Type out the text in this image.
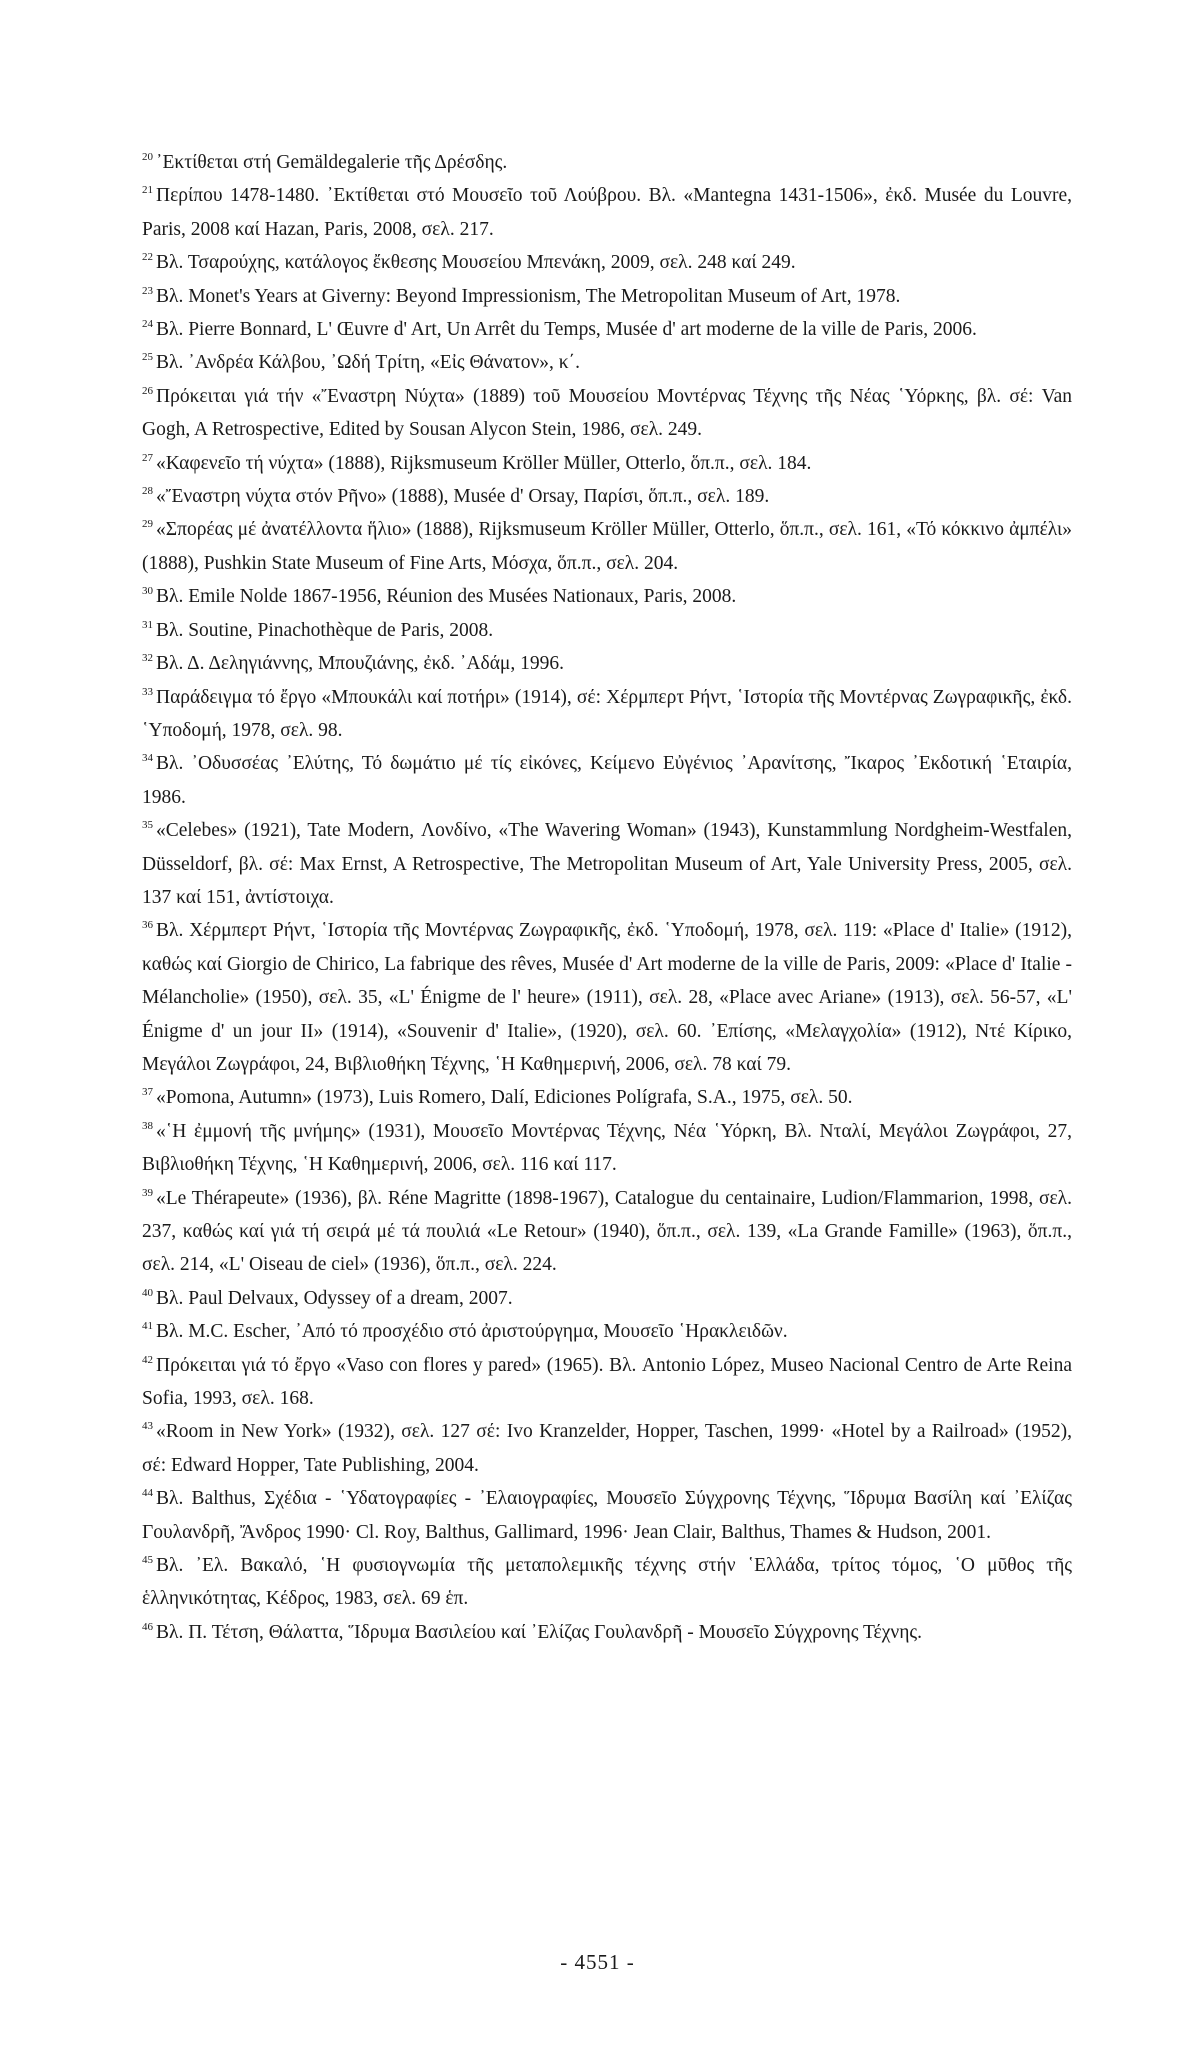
$^{20}$ ᾿Εκτίθεται στή Gemäldegalerie τῆς Δρέσδης.

$^{21}$ Περίπου 1478-1480. ᾿Εκτίθεται στό Μουσεῖο τοῦ Λούβρου. Βλ. «Mantegna 1431-1506», ἐκδ. Musée du Louvre, Paris, 2008 καί Hazan, Paris, 2008, σελ. 217.

$^{22}$ Βλ. Τσαρούχης, κατάλογος ἔκθεσης Μουσείου Μπενάκη, 2009, σελ. 248 καί 249.

$^{23}$ Βλ. Monet's Years at Giverny: Beyond Impressionism, The Metropolitan Museum of Art, 1978.

$^{24}$ Βλ. Pierre Bonnard, L' Œuvre d' Art, Un Arrêt du Temps, Musée d' art moderne de la ville de Paris, 2006.

$^{25}$ Βλ. ᾿Ανδρέα Κάλβου, ᾿Ωδή Τρίτη, «Εἰς Θάνατον», κ΄.

$^{26}$ Πρόκειται γιά τήν «Ἔναστρη Νύχτα» (1889) τοῦ Μουσείου Μοντέρνας Τέχνης τῆς Νέας ῾Υόρκης, βλ. σέ: Van Gogh, A Retrospective, Edited by Sousan Alycon Stein, 1986, σελ. 249.

$^{27}$ «Καφενεῖο τή νύχτα» (1888), Rijksmuseum Kröller Müller, Otterlo, ὅπ.π., σελ. 184.

$^{28}$ «Ἔναστρη νύχτα στόν Ρῆνο» (1888), Musée d' Orsay, Παρίσι, ὅπ.π., σελ. 189.

$^{29}$ «Σπορέας μέ ἀνατέλλοντα ἥλιο» (1888), Rijksmuseum Kröller Müller, Otterlo, ὅπ.π., σελ. 161, «Τό κόκκινο ἀμπέλι» (1888), Pushkin State Museum of Fine Arts, Μόσχα, ὅπ.π., σελ. 204.

$^{30}$ Βλ. Emile Nolde 1867-1956, Réunion des Musées Nationaux, Paris, 2008.

$^{31}$ Βλ. Soutine, Pinachothèque de Paris, 2008.

$^{32}$ Βλ. Δ. Δεληγιάννης, Μπουζιάνης, ἐκδ. ᾿Αδάμ, 1996.

$^{33}$ Παράδειγμα τό ἔργο «Μπουκάλι καί ποτήρι» (1914), σέ: Χέρμπερτ Ρήντ, ῾Ιστορία τῆς Μοντέρνας Ζωγραφικῆς, ἐκδ. ῾Υποδομή, 1978, σελ. 98.

$^{34}$ Βλ. ᾿Οδυσσέας ᾿Ελύτης, Τό δωμάτιο μέ τίς εἰκόνες, Κείμενο Εὐγένιος ᾿Αρανίτσης, Ἴκαρος ᾿Εκδοτική ῾Εταιρία, 1986.

$^{35}$ «Celebes» (1921), Tate Modern, Λονδίνο, «The Wavering Woman» (1943), Kunstammlung Nordgheim-Westfalen, Düsseldorf, βλ. σέ: Max Ernst, A Retrospective, The Metropolitan Museum of Art, Yale University Press, 2005, σελ. 137 καί 151, ἀντίστοιχα.

$^{36}$ Βλ. Χέρμπερτ Ρήντ, ῾Ιστορία τῆς Μοντέρνας Ζωγραφικῆς, ἐκδ. ῾Υποδομή, 1978, σελ. 119: «Place d' Italie» (1912), καθώς καί Giorgio de Chirico, La fabrique des rêves, Musée d' Art moderne de la ville de Paris, 2009: «Place d' Italie - Mélancholie» (1950), σελ. 35, «L' Énigme de l' heure» (1911), σελ. 28, «Place avec Ariane» (1913), σελ. 56-57, «L' Énigme d' un jour II» (1914), «Souvenir d' Italie», (1920), σελ. 60. ᾿Επίσης, «Μελαγχολία» (1912), Ντέ Κίρικο, Μεγάλοι Ζωγράφοι, 24, Βιβλιοθήκη Τέχνης, ῾Η Καθημερινή, 2006, σελ. 78 καί 79.

$^{37}$ «Pomona, Autumn» (1973), Luis Romero, Dalí, Ediciones Polígrafa, S.A., 1975, σελ. 50.

$^{38}$ «῾Η ἐμμονή τῆς μνήμης» (1931), Μουσεῖο Μοντέρνας Τέχνης, Νέα ῾Υόρκη, Βλ. Νταλί, Μεγάλοι Ζωγράφοι, 27, Βιβλιοθήκη Τέχνης, ῾Η Καθημερινή, 2006, σελ. 116 καί 117.

$^{39}$ «Le Thérapeute» (1936), βλ. Réne Magritte (1898-1967), Catalogue du centainaire, Ludion/Flammarion, 1998, σελ. 237, καθώς καί γιά τή σειρά μέ τά πουλιά «Le Retour» (1940), ὅπ.π., σελ. 139, «La Grande Famille» (1963), ὅπ.π., σελ. 214, «L' Oiseau de ciel» (1936), ὅπ.π., σελ. 224.

$^{40}$ Βλ. Paul Delvaux, Odyssey of a dream, 2007.

$^{41}$ Βλ. M.C. Escher, ᾿Από τό προσχέδιο στό ἀριστούργημα, Μουσεῖο ῾Ηρακλειδῶν.

$^{42}$ Πρόκειται γιά τό ἔργο «Vaso con flores y pared» (1965). Βλ. Antonio López, Museo Nacional Centro de Arte Reina Sofia, 1993, σελ. 168.

$^{43}$ «Room in New York» (1932), σελ. 127 σέ: Ivo Kranzelder, Hopper, Taschen, 1999· «Hotel by a Railroad» (1952), σέ: Edward Hopper, Tate Publishing, 2004.

$^{44}$ Βλ. Balthus, Σχέδια - ῾Υδατογραφίες - ᾿Ελαιογραφίες, Μουσεῖο Σύγχρονης Τέχνης, Ἵδρυμα Βασίλη καί ᾿Ελίζας Γουλανδρῆ, Ἄνδρος 1990· Cl. Roy, Balthus, Gallimard, 1996· Jean Clair, Balthus, Thames & Hudson, 2001.

$^{45}$ Βλ. ᾿Ελ. Βακαλό, ῾Η φυσιογνωμία τῆς μεταπολεμικῆς τέχνης στήν ῾Ελλάδα, τρίτος τόμος, ῾Ο μῦθος τῆς ἑλληνικότητας, Κέδρος, 1983, σελ. 69 ἑπ.

$^{46}$ Βλ. Π. Τέτση, Θάλαττα, Ἵδρυμα Βασιλείου καί ᾿Ελίζας Γουλανδρῆ - Μουσεῖο Σύγχρονης Τέχνης.

- 4551 -
